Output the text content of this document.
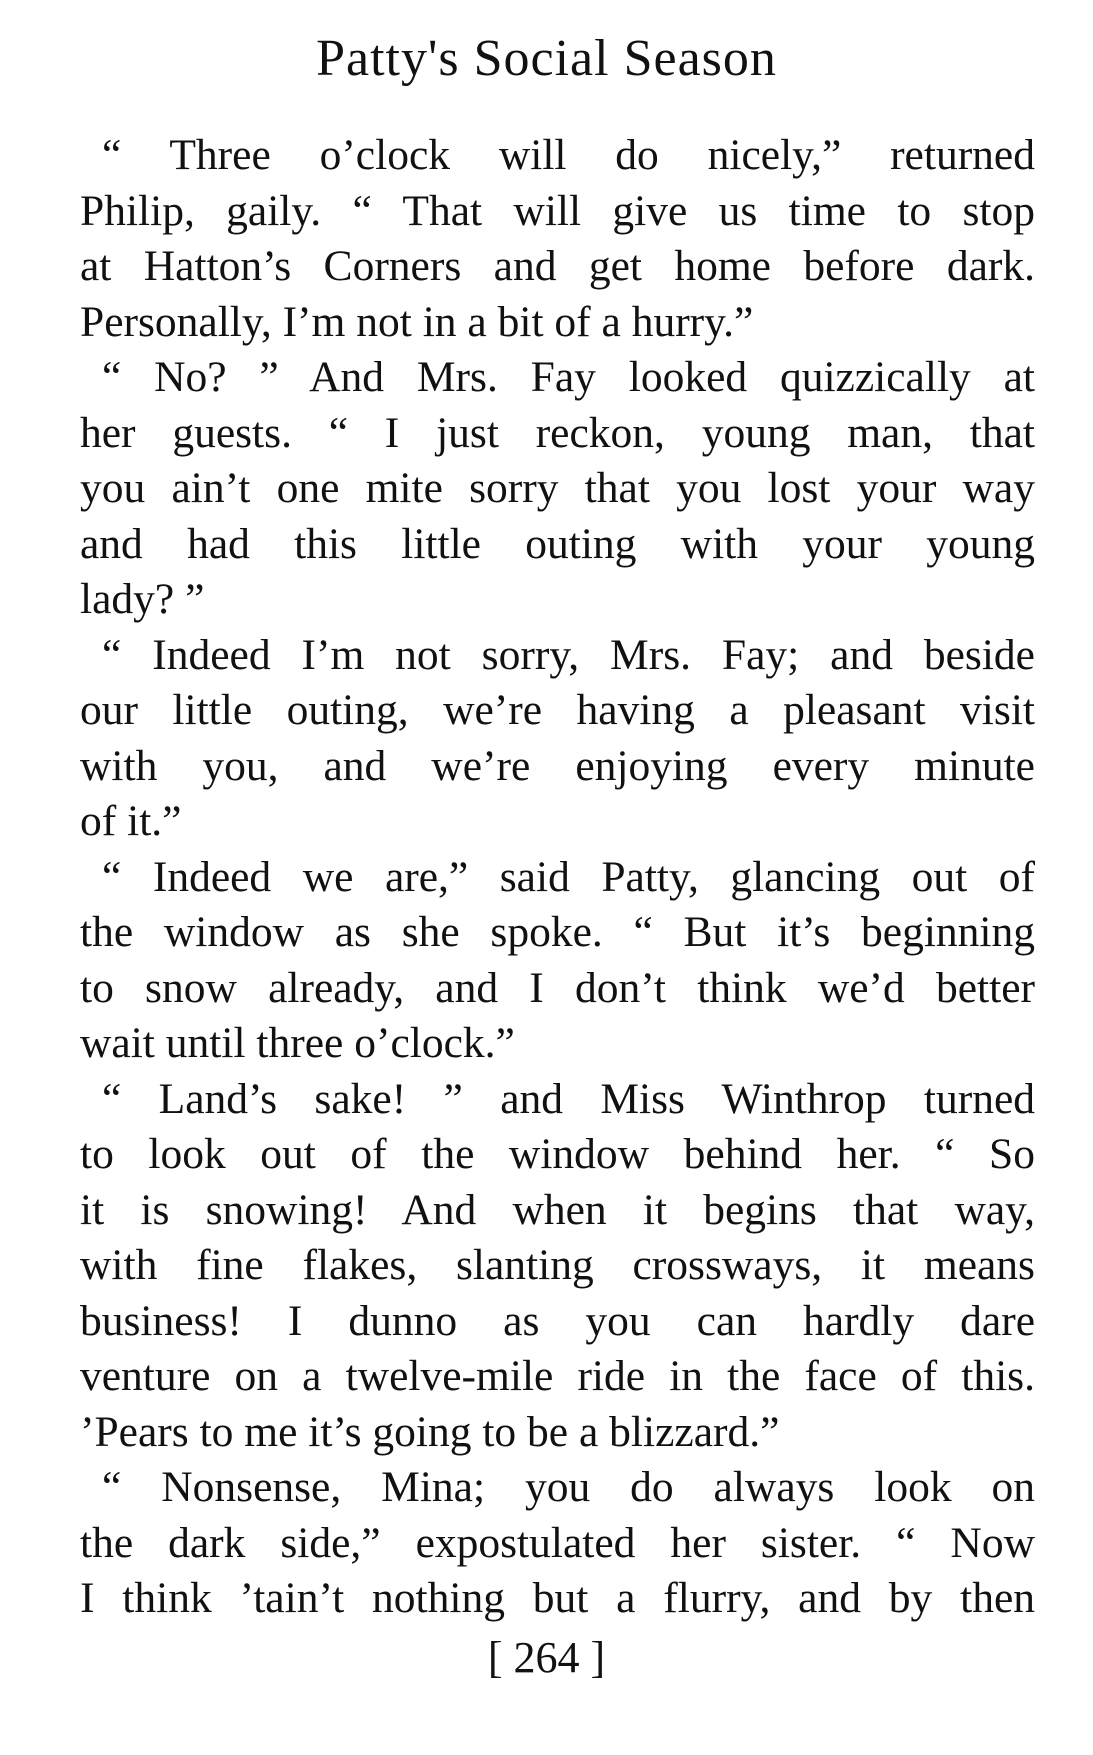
Patty's Social Season
“ Three o’clock will do nicely,” returned
Philip, gaily. “ That will give us time to stop
at Hatton’s Corners and get home before dark.
Personally, I’m not in a bit of a hurry.”
“ No? ” And Mrs. Fay looked quizzically at
her guests. “ I just reckon, young man, that
you ain’t one mite sorry that you lost your way
and had this little outing with your young
lady? ”
“ Indeed I’m not sorry, Mrs. Fay; and beside
our little outing, we’re having a pleasant visit
with you, and we’re enjoying every minute
of it.”
“ Indeed we are,” said Patty, glancing out of
the window as she spoke. “ But it’s beginning
to snow already, and I don’t think we’d better
wait until three o’clock.”
“ Land’s sake! ” and Miss Winthrop turned
to look out of the window behind her. “ So
it is snowing! And when it begins that way,
with fine flakes, slanting crossways, it means
business! I dunno as you can hardly dare
venture on a twelve-mile ride in the face of this.
’Pears to me it’s going to be a blizzard.”
“ Nonsense, Mina; you do always look on
the dark side,” expostulated her sister. “ Now
I think ’tain’t nothing but a flurry, and by then
[ 264 ]
